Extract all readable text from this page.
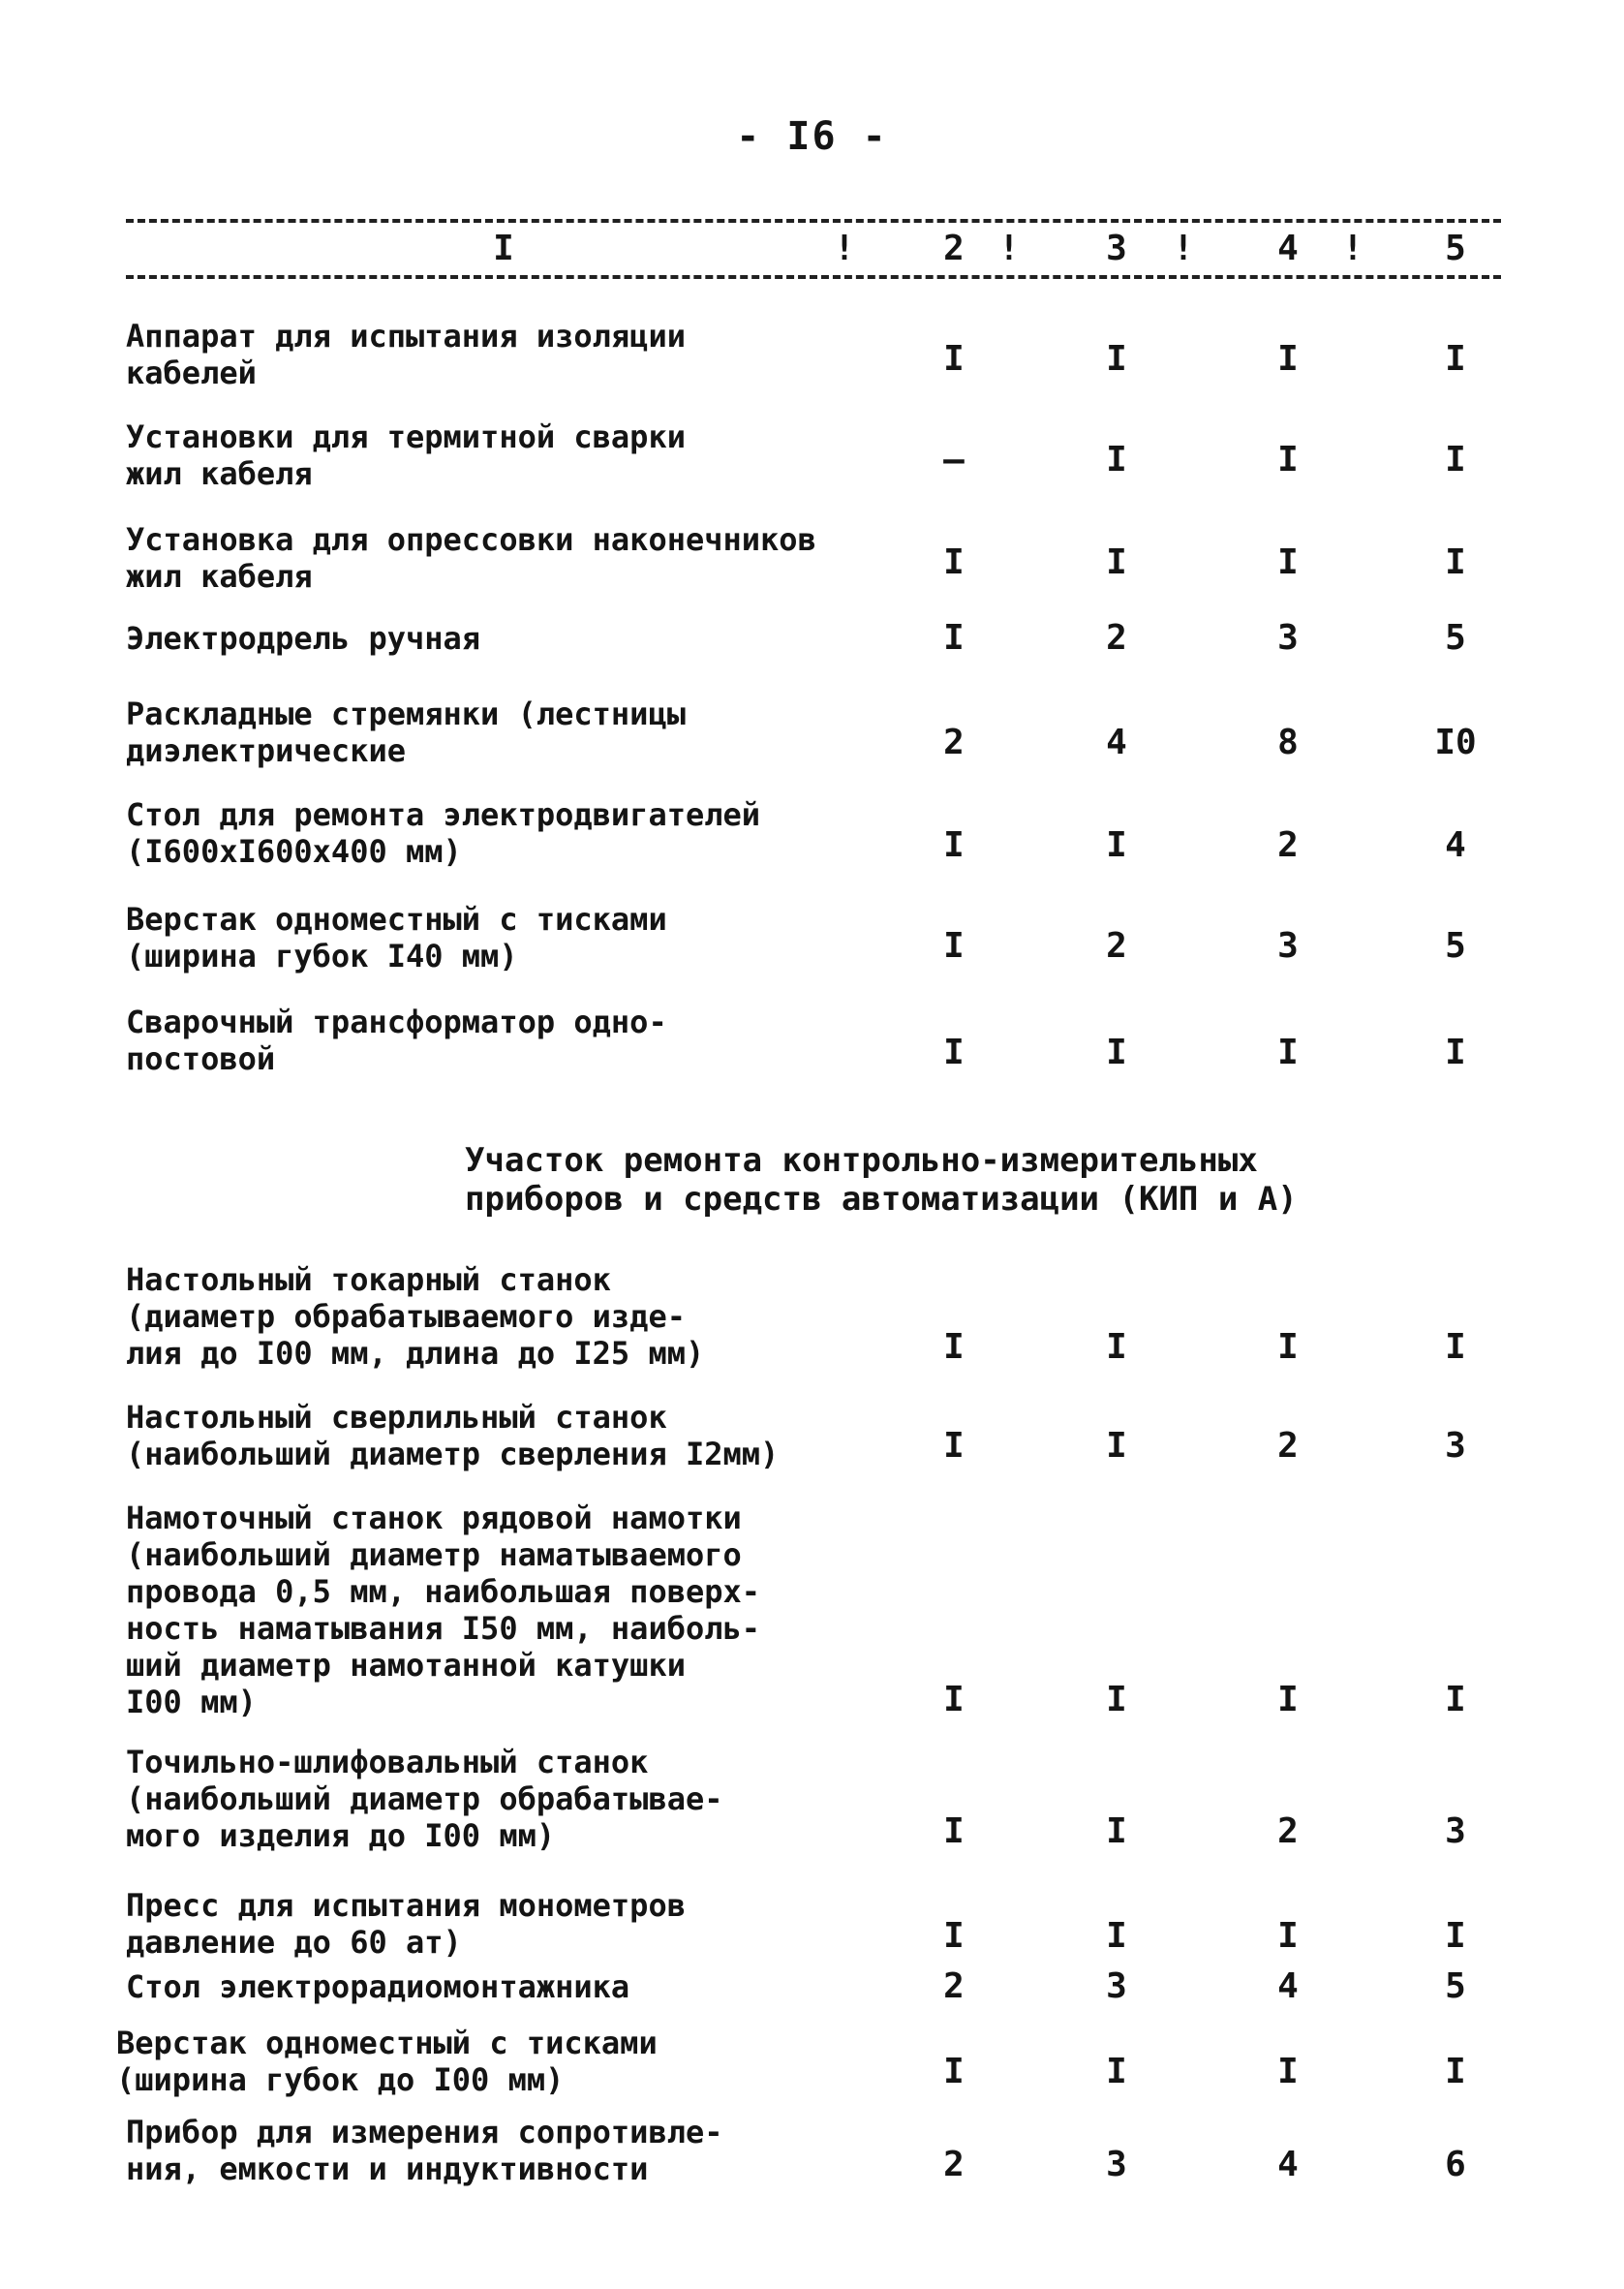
- I6 -
I	!	2 !	3	!	4	!	5
Аппарат для испытания изоляции
кабелей	I	I	I	I
Установки для термитной сварки
жил кабеля	–	I	I	I
Установка для опрессовки наконечников жил кабеля	I	I	I	I
Электродрель ручная	I	2	3	5
Раскладные стремянки (лестницы
диэлектрические	2	4	8	I0
Стол для ремонта электродвигателей
(I600хI600х400 мм)	I	I	2	4
Верстак одноместный с тисками
(ширина губок I40 мм)	I	2	3	5
Сварочный трансформатор одно-
постовой	I	I	I	I
Участок ремонта контрольно-измерительных
приборов и средств автоматизации (КИП и А)
Настольный токарный станок
(диаметр обрабатываемого изде-
лия до I00 мм, длина до I25 мм)	I	I	I	I
Настольный сверлильный станок
(наибольший диаметр сверления I2мм)	I	I	2	3
Намоточный станок рядовой намотки
(наибольший диаметр наматываемого
провода 0,5 мм, наибольшая поверх-
ность наматывания I50 мм, наиболь-
ший диаметр намотанной катушки
I00 мм)	I	I	I	I
Точильно-шлифовальный станок
(наибольший диаметр обрабатывае-
мого изделия до I00 мм)	I	I	2	3
Пресс для испытания монометров
давление до 60 ат)	I	I	I	I
Стол электрорадиомонтажника	2	3	4	5
Верстак одноместный с тисками
(ширина губок до I00 мм)	I	I	I	I
Прибор для измерения сопротивле-
ния, емкости и индуктивности	2	3	4	6
